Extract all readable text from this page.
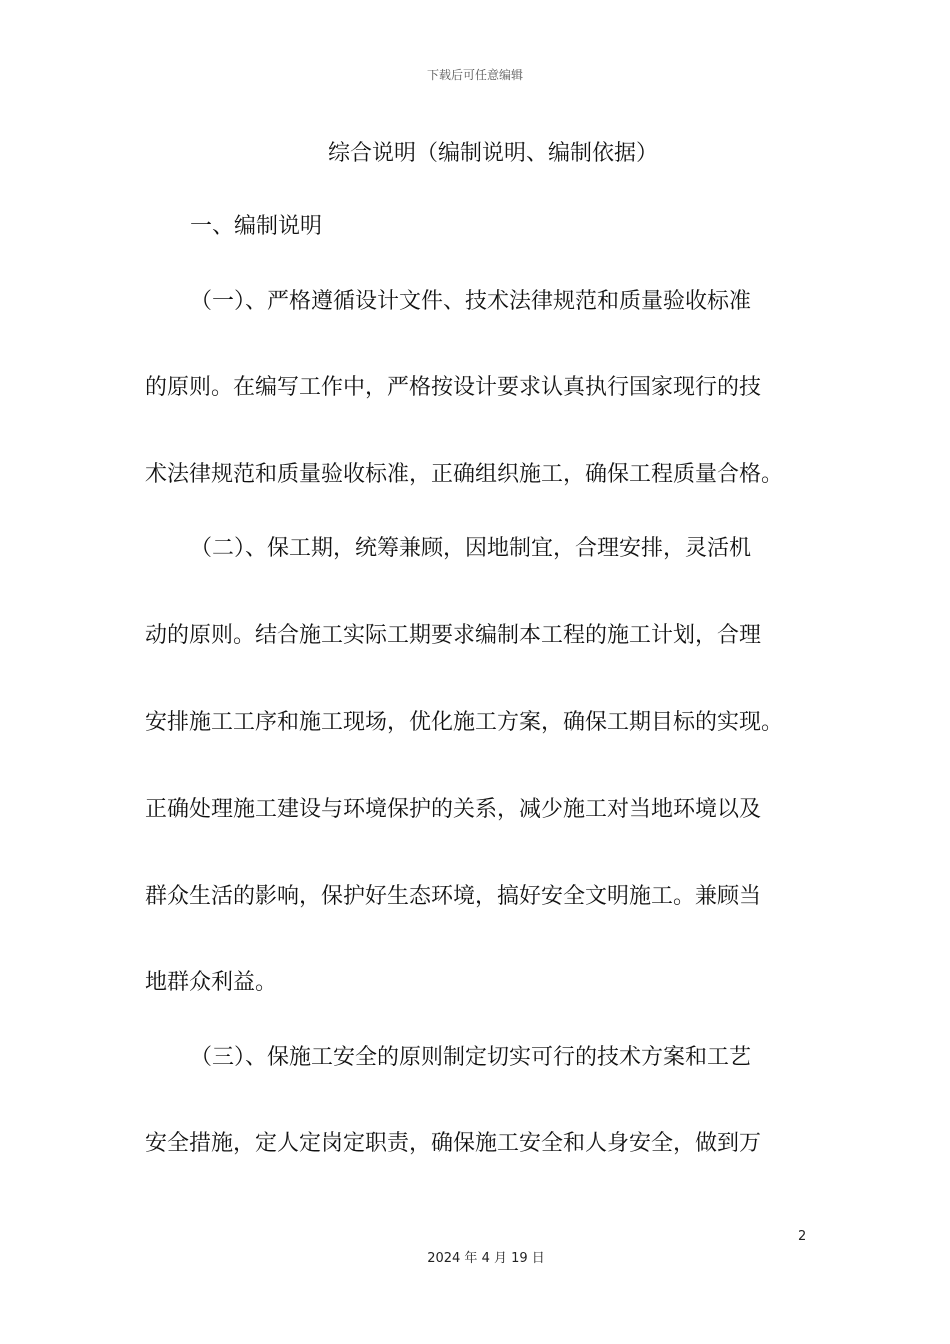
下载后可任意编辑
综合说明（编制说明、编制依据）
一、编制说明
（一）、严格遵循设计文件、技术法律规范和质量验收标准
的原则。在编写工作中，严格按设计要求认真执行国家现行的技
术法律规范和质量验收标准，正确组织施工，确保工程质量合格。
（二）、保工期，统筹兼顾，因地制宜，合理安排，灵活机
动的原则。结合施工实际工期要求编制本工程的施工计划，合理
安排施工工序和施工现场，优化施工方案，确保工期目标的实现。
正确处理施工建设与环境保护的关系，减少施工对当地环境以及
群众生活的影响，保护好生态环境，搞好安全文明施工。兼顾当
地群众利益。
（三）、保施工安全的原则制定切实可行的技术方案和工艺
安全措施，定人定岗定职责，确保施工安全和人身安全，做到万
2
2024 年 4 月 19 日
